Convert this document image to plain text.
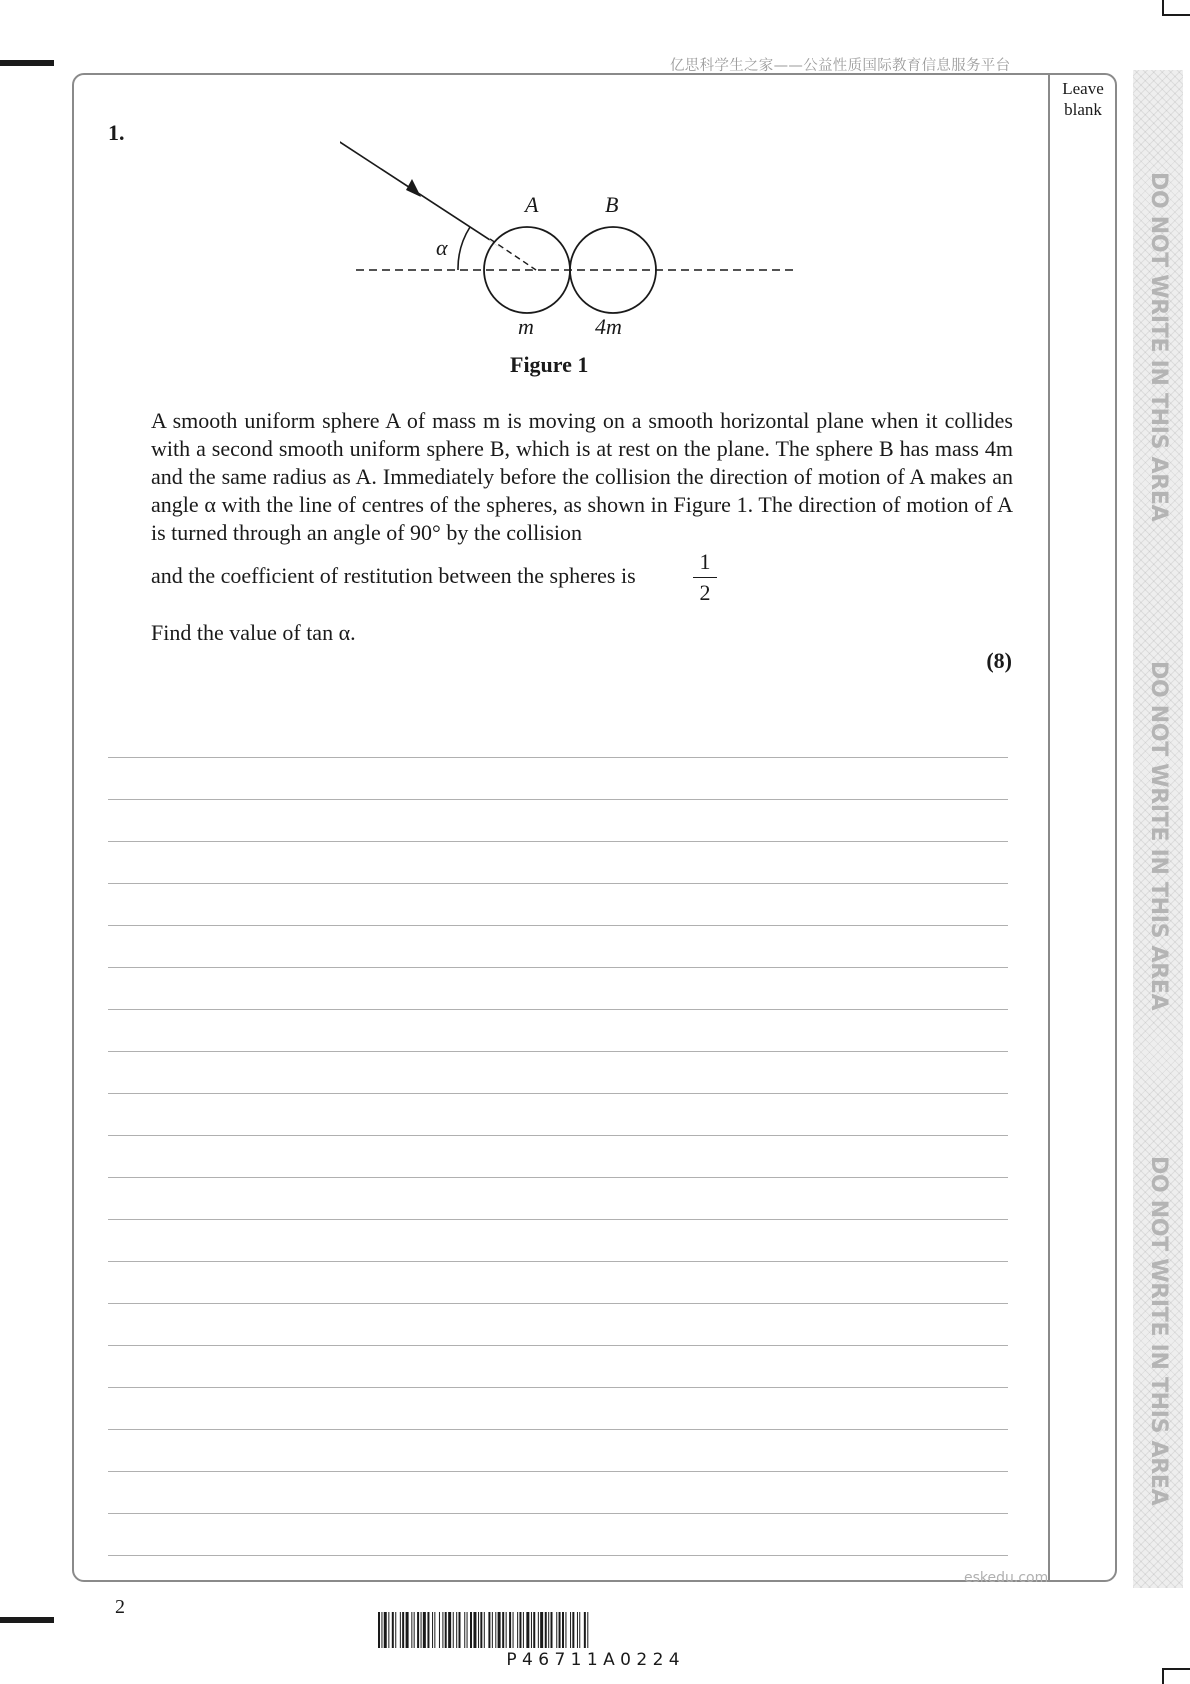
亿思科学生之家——公益性质国际教育信息服务平台
Leave blank
DO NOT WRITE IN THIS AREA
DO NOT WRITE IN THIS AREA
DO NOT WRITE IN THIS AREA
1.
A	B
α
m	4m
Figure 1
A smooth uniform sphere A of mass m is moving on a smooth horizontal plane when it collides with a second smooth uniform sphere B, which is at rest on the plane. The sphere B has mass 4m and the same radius as A. Immediately before the collision the direction of motion of A makes an angle α with the line of centres of the spheres, as shown in Figure 1. The direction of motion of A is turned through an angle of 90° by the collision
and the coefficient of restitution between the spheres is
1
2
Find the value of tan α.
(8)
eskedu.com
2
P 4 6 7 1 1 A 0 2 2 4
